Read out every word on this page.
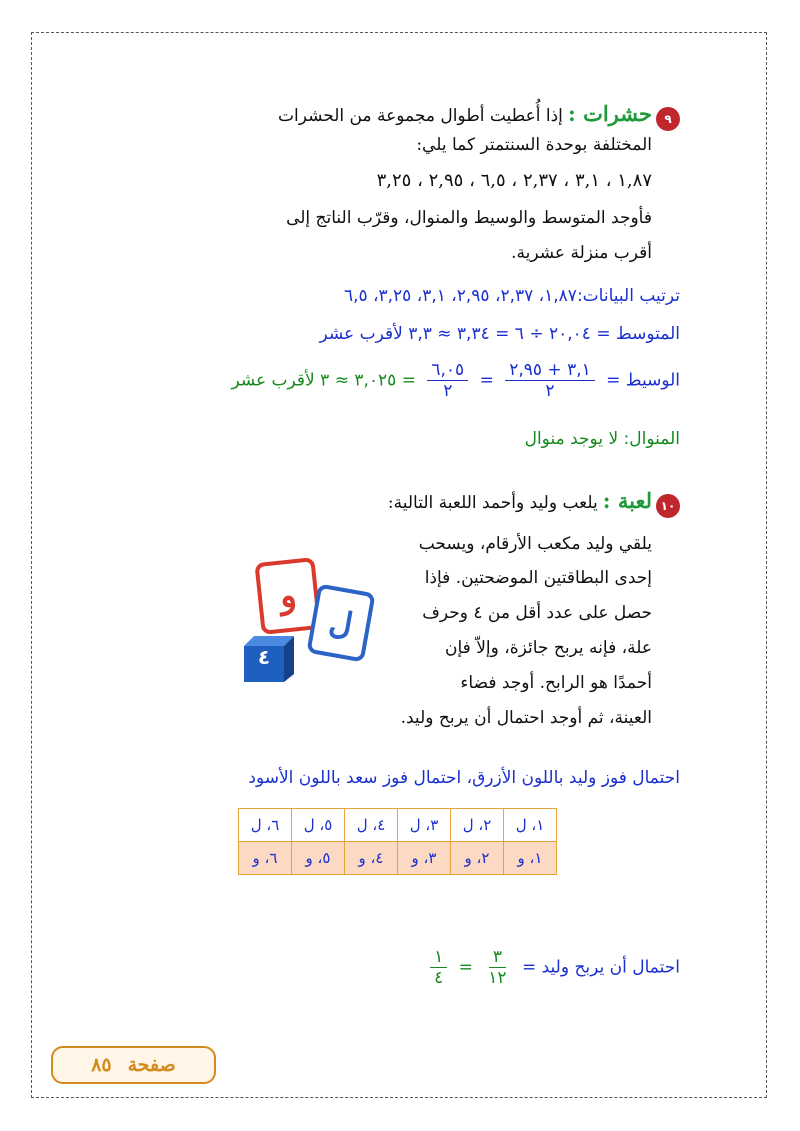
٩
حشرات : إذا أُعطيت أطوال مجموعة من الحشرات
المختلفة بوحدة السنتمتر كما يلي:
١,٨٧ ، ٣,١ ، ٢,٣٧ ، ٦,٥ ، ٢,٩٥ ، ٣,٢٥
فأوجد المتوسط والوسيط والمنوال، وقرّب الناتج إلى
أقرب منزلة عشرية.
ترتيب البيانات:١,٨٧، ٢,٣٧، ٢,٩٥، ٣,١، ٣,٢٥، ٦,٥
المتوسط = ٢٠,٠٤ ÷ ٦ = ٣,٣٤ ≈ ٣,٣ لأقرب عشر
الوسيط =
$\frac{٣,١ + ٢,٩٥}{٢}$
=
$\frac{٦,٠٥}{٢}$
= ٣,٠٢٥ ≈ ٣ لأقرب عشر
المنوال: لا يوجد منوال
١٠
لعبة : يلعب وليد وأحمد اللعبة التالية:
يلقي وليد مكعب الأرقام، ويسحب
إحدى البطاقتين الموضحتين. فإذا
حصل على عدد أقل من ٤ وحرف
علة، فإنه يربح جائزة، وإلاّ فإن
أحمدًا هو الرابح. أوجد فضاء
العينة، ثم أوجد احتمال أن يربح وليد.
و
ل
٤
احتمال فوز وليد باللون الأزرق، احتمال فوز سعد باللون الأسود
١، ل	٢، ل	٣، ل	٤، ل	٥، ل	٦، ل
١، و	٢، و	٣، و	٤، و	٥، و	٦، و
احتمال أن يربح وليد =
$\frac{٣}{١٢}$
=
$\frac{١}{٤}$
صفحة
٨٥
